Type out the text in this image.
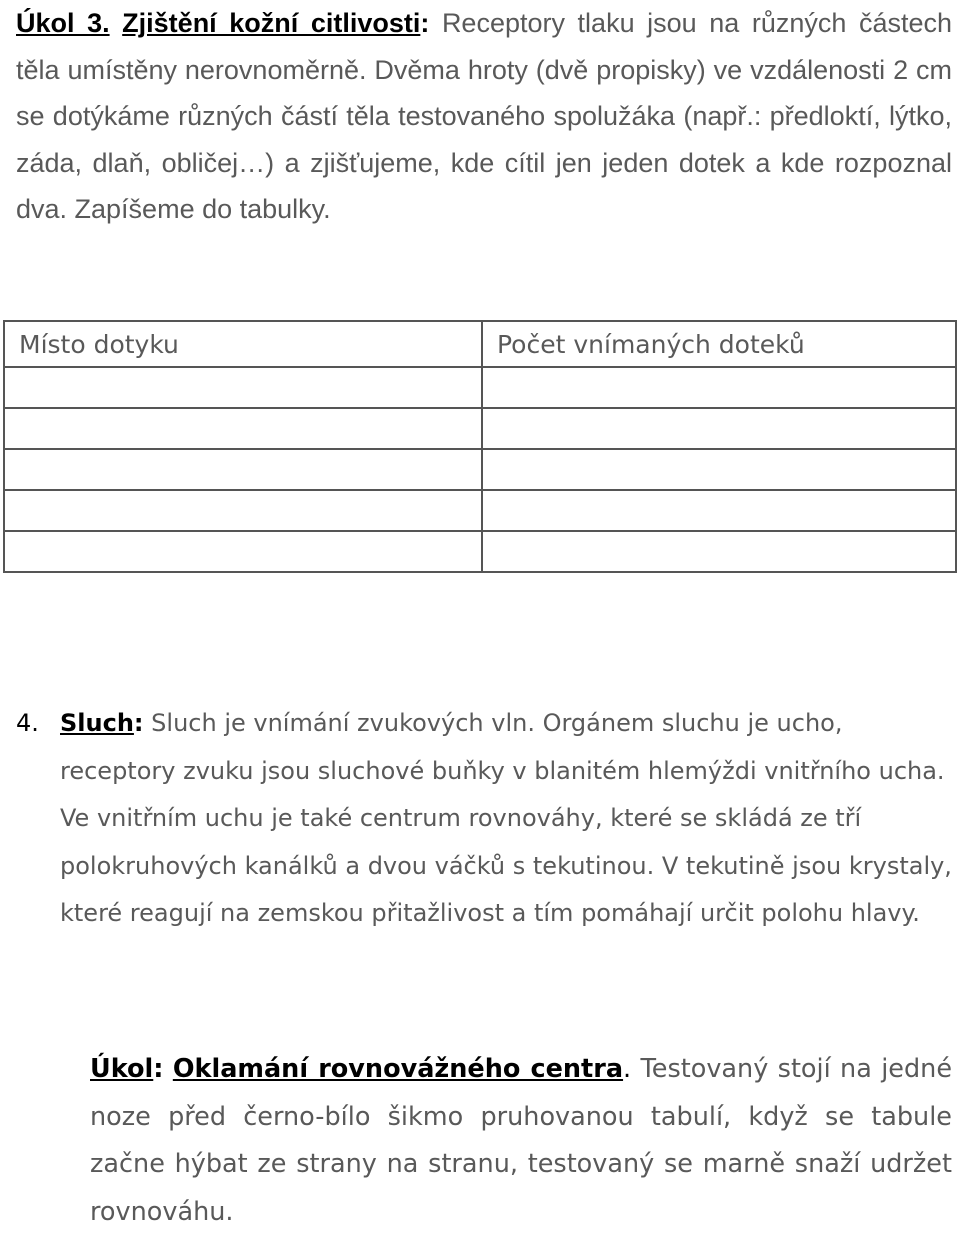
Úkol 3. Zjištění kožní citlivosti: Receptory tlaku jsou na různých částech těla umístěny nerovnoměrně. Dvěma hroty (dvě propisky) ve vzdálenosti 2 cm se dotýkáme různých částí těla testovaného spolužáka (např.: předloktí, lýtko, záda, dlaň, obličej…) a zjišťujeme, kde cítil jen jeden dotek a kde rozpoznal dva. Zapíšeme do tabulky.
Místo dotyku	Počet vnímaných doteků

4. Sluch: Sluch je vnímání zvukových vln. Orgánem sluchu je ucho, receptory zvuku jsou sluchové buňky v blanitém hlemýždi vnitřního ucha. Ve vnitřním uchu je také centrum rovnováhy, které se skládá ze tří polokruhových kanálků a dvou váčků s tekutinou. V tekutině jsou krystaly, které reagují na zemskou přitažlivost a tím pomáhají určit polohu hlavy.
Úkol: Oklamání rovnovážného centra. Testovaný stojí na jedné noze před černo-bílo šikmo pruhovanou tabulí, když se tabule začne hýbat ze strany na stranu, testovaný se marně snaží udržet rovnováhu.
